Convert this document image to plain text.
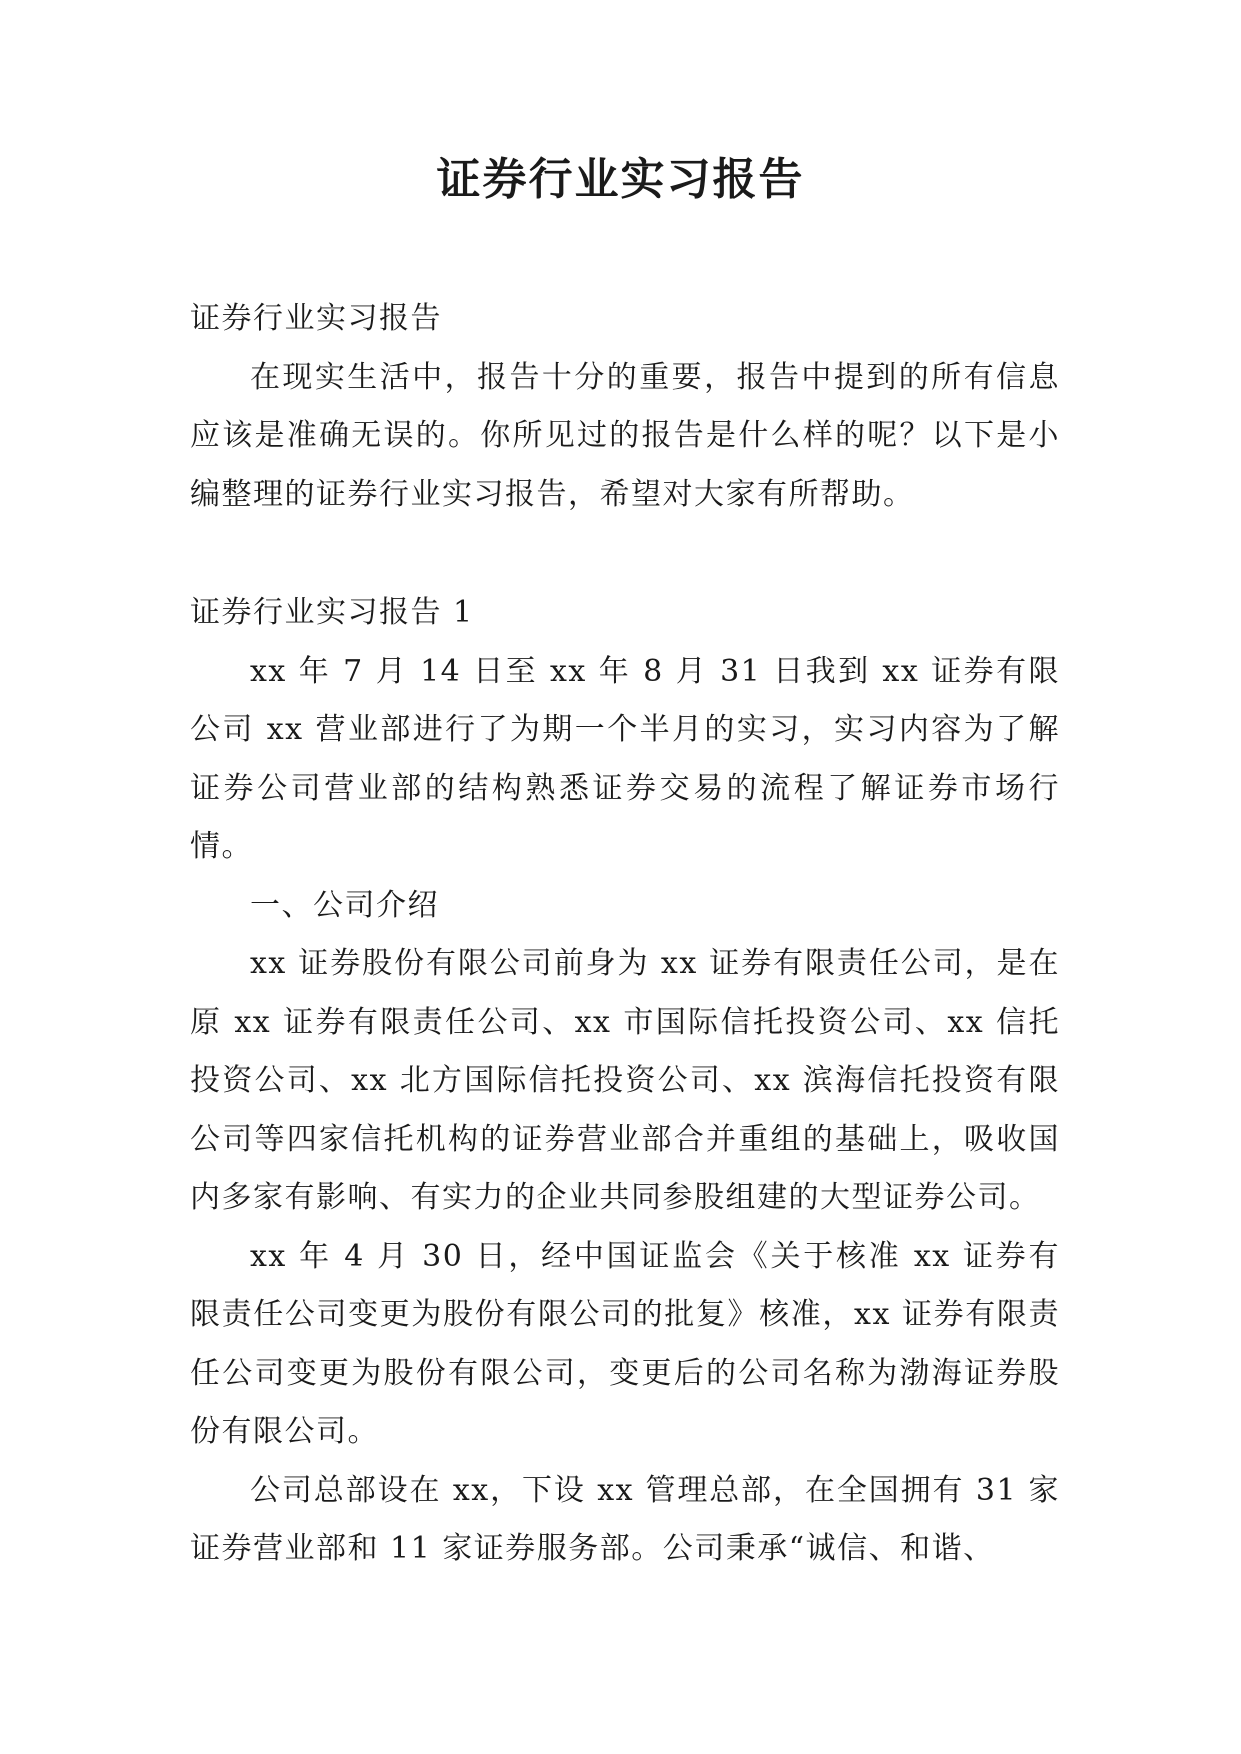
证券行业实习报告

证券行业实习报告

在现实生活中，报告十分的重要，报告中提到的所有信息应该是准确无误的。你所见过的报告是什么样的呢？以下是小编整理的证券行业实习报告，希望对大家有所帮助。

证券行业实习报告 1

xx 年 7 月 14 日至 xx 年 8 月 31 日我到 xx 证券有限公司 xx 营业部进行了为期一个半月的实习，实习内容为了解证券公司营业部的结构熟悉证券交易的流程了解证券市场行情。

一、公司介绍

xx 证券股份有限公司前身为 xx 证券有限责任公司，是在原 xx 证券有限责任公司、xx 市国际信托投资公司、xx 信托投资公司、xx 北方国际信托投资公司、xx 滨海信托投资有限公司等四家信托机构的证券营业部合并重组的基础上，吸收国内多家有影响、有实力的企业共同参股组建的大型证券公司。

xx 年 4 月 30 日，经中国证监会《关于核准 xx 证券有限责任公司变更为股份有限公司的批复》核准，xx 证券有限责任公司变更为股份有限公司，变更后的公司名称为渤海证券股份有限公司。

公司总部设在 xx，下设 xx 管理总部，在全国拥有 31 家证券营业部和 11 家证券服务部。公司秉承“诚信、和谐、
